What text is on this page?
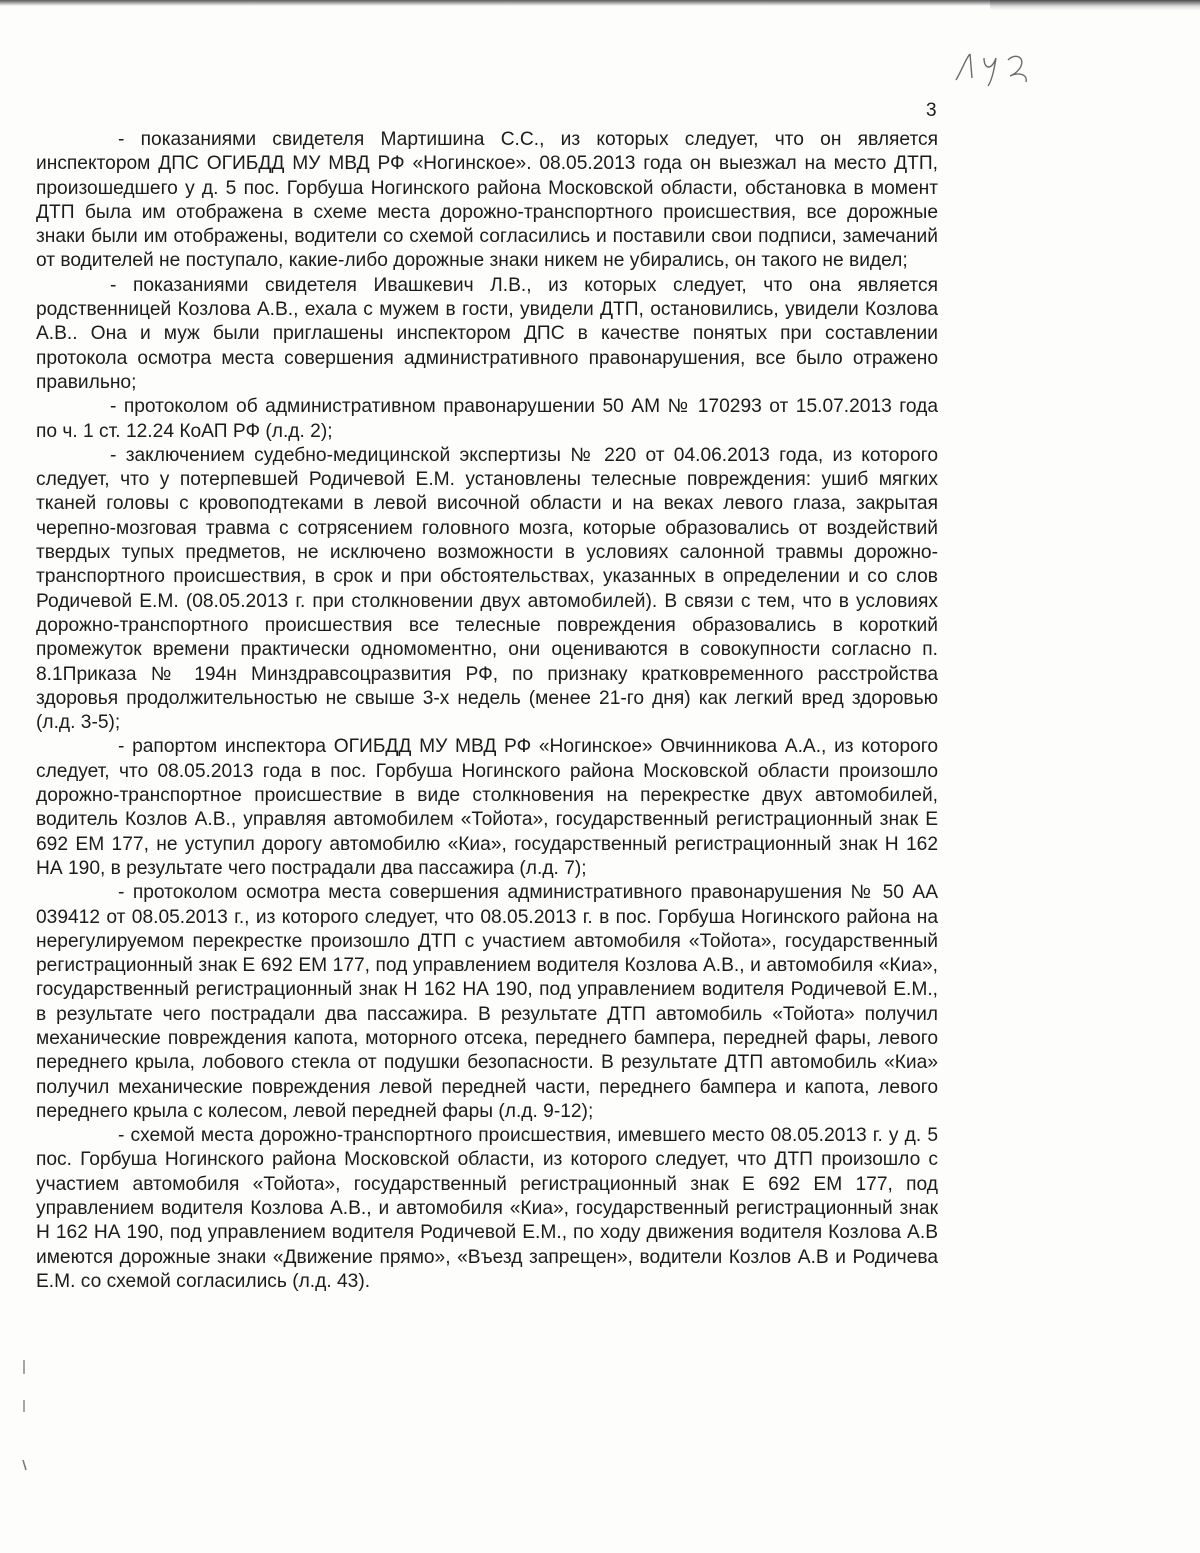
3

- показаниями свидетеля Мартишина С.С., из которых следует, что он является инспектором ДПС ОГИБДД МУ МВД РФ «Ногинское». 08.05.2013 года он выезжал на место ДТП, произошедшего у д. 5 пос. Горбуша Ногинского района Московской области, обстановка в момент ДТП была им отображена в схеме места дорожно-транспортного происшествия, все дорожные знаки были им отображены, водители со схемой согласились и поставили свои подписи, замечаний от водителей не поступало, какие-либо дорожные знаки никем не убирались, он такого не видел;

- показаниями свидетеля Ивашкевич Л.В., из которых следует, что она является родственницей Козлова А.В., ехала с мужем в гости, увидели ДТП, остановились, увидели Козлова А.В.. Она и муж были приглашены инспектором ДПС в качестве понятых при составлении протокола осмотра места совершения административного правонарушения, все было отражено правильно;

- протоколом об административном правонарушении 50 АМ № 170293 от 15.07.2013 года по ч. 1 ст. 12.24 КоАП РФ (л.д. 2);

- заключением судебно-медицинской экспертизы № 220 от 04.06.2013 года, из которого следует, что у потерпевшей Родичевой Е.М. установлены телесные повреждения: ушиб мягких тканей головы с кровоподтеками в левой височной области и на веках левого глаза, закрытая черепно-мозговая травма с сотрясением головного мозга, которые образовались от воздействий твердых тупых предметов, не исключено возможности в условиях салонной травмы дорожно-транспортного происшествия, в срок и при обстоятельствах, указанных в определении и со слов Родичевой Е.М. (08.05.2013 г. при столкновении двух автомобилей). В связи с тем, что в условиях дорожно-транспортного происшествия все телесные повреждения образовались в короткий промежуток времени практически одномоментно, они оцениваются в совокупности согласно п. 8.1Приказа № 194н Минздравсоцразвития РФ, по признаку кратковременного расстройства здоровья продолжительностью не свыше 3-х недель (менее 21-го дня) как легкий вред здоровью (л.д. 3-5);

- рапортом инспектора ОГИБДД МУ МВД РФ «Ногинское» Овчинникова А.А., из которого следует, что 08.05.2013 года в пос. Горбуша Ногинского района Московской области произошло дорожно-транспортное происшествие в виде столкновения на перекрестке двух автомобилей, водитель Козлов А.В., управляя автомобилем «Тойота», государственный регистрационный знак Е 692 ЕМ 177, не уступил дорогу автомобилю «Киа», государственный регистрационный знак Н 162 НА 190, в результате чего пострадали два пассажира (л.д. 7);

- протоколом осмотра места совершения административного правонарушения № 50 АА 039412 от 08.05.2013 г., из которого следует, что 08.05.2013 г. в пос. Горбуша Ногинского района на нерегулируемом перекрестке произошло ДТП с участием автомобиля «Тойота», государственный регистрационный знак Е 692 ЕМ 177, под управлением водителя Козлова А.В., и автомобиля «Киа», государственный регистрационный знак Н 162 НА 190, под управлением водителя Родичевой Е.М., в результате чего пострадали два пассажира. В результате ДТП автомобиль «Тойота» получил механические повреждения капота, моторного отсека, переднего бампера, передней фары, левого переднего крыла, лобового стекла от подушки безопасности. В результате ДТП автомобиль «Киа» получил механические повреждения левой передней части, переднего бампера и капота, левого переднего крыла с колесом, левой передней фары (л.д. 9-12);

- схемой места дорожно-транспортного происшествия, имевшего место 08.05.2013 г. у д. 5 пос. Горбуша Ногинского района Московской области, из которого следует, что ДТП произошло с участием автомобиля «Тойота», государственный регистрационный знак Е 692 ЕМ 177, под управлением водителя Козлова А.В., и автомобиля «Киа», государственный регистрационный знак Н 162 НА 190, под управлением водителя Родичевой Е.М., по ходу движения водителя Козлова А.В имеются дорожные знаки «Движение прямо», «Въезд запрещен», водители Козлов А.В и Родичева Е.М. со схемой согласились (л.д. 43).
